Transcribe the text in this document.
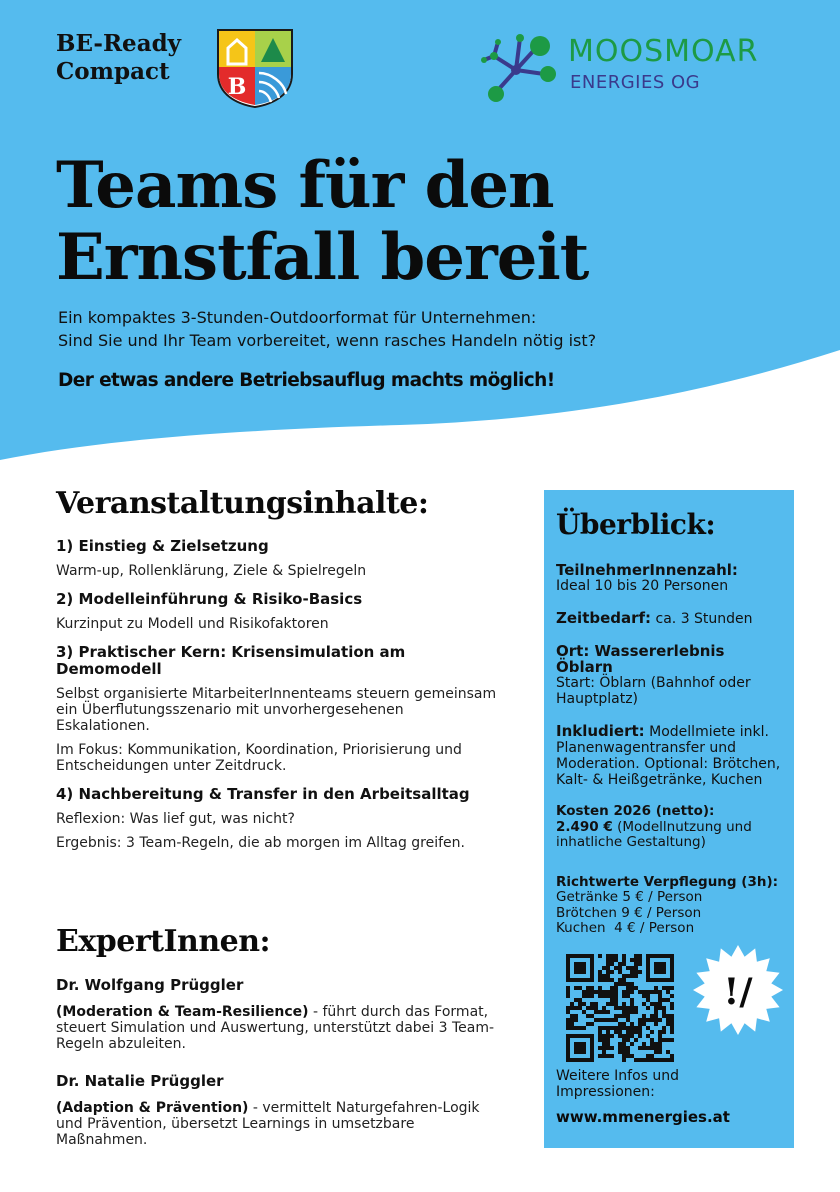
BE-Ready
Compact
B
MOOSMOAR
ENERGIES OG
Teams für den
Ernstfall bereit
Ein kompaktes 3-Stunden-Outdoorformat für Unternehmen:
Sind Sie und Ihr Team vorbereitet, wenn rasches Handeln nötig ist?
Der etwas andere Betriebsauflug machts möglich!
Veranstaltungsinhalte:
1) Einstieg & Zielsetzung
Warm-up, Rollenklärung, Ziele & Spielregeln
2) Modelleinführung & Risiko-Basics
Kurzinput zu Modell und Risikofaktoren
3) Praktischer Kern: Krisensimulation am Demomodell
Selbst organisierte MitarbeiterInnenteams steuern gemeinsam ein Überflutungsszenario mit unvorhergesehenen Eskalationen.
Im Fokus: Kommunikation, Koordination, Priorisierung und Entscheidungen unter Zeitdruck.
4) Nachbereitung & Transfer in den Arbeitsalltag
Reflexion: Was lief gut, was nicht?
Ergebnis: 3 Team-Regeln, die ab morgen im Alltag greifen.
ExpertInnen:
Dr. Wolfgang Prüggler
(Moderation & Team-Resilience) - führt durch das Format, steuert Simulation und Auswertung, unterstützt dabei 3 Team-Regeln abzuleiten.
Dr. Natalie Prüggler
(Adaption & Prävention) - vermittelt Naturgefahren-Logik und Prävention, übersetzt Learnings in umsetzbare Maßnahmen.
Überblick:
TeilnehmerInnenzahl:
Ideal 10 bis 20 Personen
Zeitbedarf: ca. 3 Stunden
Ort: Wassererlebnis Öblarn
Start: Öblarn (Bahnhof oder Hauptplatz)
Inkludiert: Modellmiete inkl. Planenwagentransfer und Moderation. Optional: Brötchen, Kalt- & Heißgetränke, Kuchen
Kosten 2026 (netto):
2.490 € (Modellnutzung und inhatliche Gestaltung)
Richtwerte Verpflegung (3h):
Getränke 5 € / Person
Brötchen 9 € / Person
Kuchen  4 € / Person
!/
Weitere Infos und Impressionen:
www.mmenergies.at
